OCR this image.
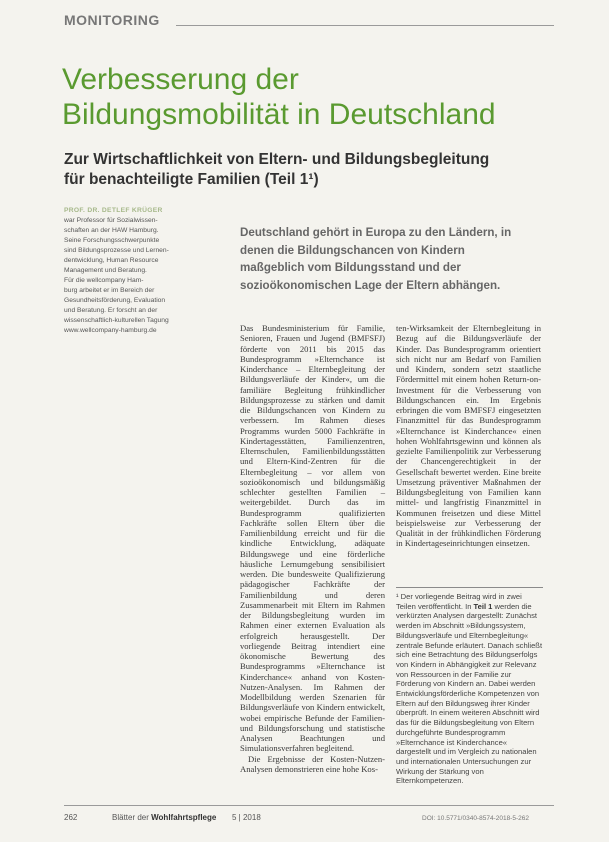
MONITORING
Verbesserung der
Bildungsmobilität in Deutschland
Zur Wirtschaftlichkeit von Eltern- und Bildungsbegleitung
für benachteiligte Familien (Teil 1¹)
PROF. DR. DETLEF KRÜGER
war Professor für Sozialwissen-
schaften an der HAW Hamburg.
Seine Forschungsschwerpunkte
sind Bildungsprozesse und Lernen-
dentwicklung, Human Resource
Management und Beratung.
Für die wellcompany Ham-
burg arbeitet er im Bereich der
Gesundheitsförderung, Evaluation
und Beratung. Er forscht an der
wissenschaftlich-kulturellen Tagung
www.wellcompany-hamburg.de

Deutschland gehört in Europa zu den Ländern, in denen die Bildungschancen von Kindern maßgeblich vom Bildungsstand und der sozioökonomischen Lage der Eltern abhängen.

Das Bundesministerium für Familie, Senioren, Frauen und Jugend (BMFSFJ) förderte von 2011 bis 2015 das Bundesprogramm »Elternchance ist Kinderchance – Elternbegleitung der Bildungsverläufe der Kinder«, um die familiäre Begleitung frühkindlicher Bildungsprozesse zu stärken und damit die Bildungschancen von Kindern zu verbessern. Im Rahmen dieses Programms wurden 5000 Fachkräfte in Kindertagesstätten, Familienzentren, Elternschulen, Familienbildungsstätten und Eltern-Kind-Zentren für die Elternbegleitung – vor allem von sozioökonomisch und bildungsmäßig schlechter gestellten Familien – weitergebildet. Durch das im Bundesprogramm qualifizierten Fachkräfte sollen Eltern über die Familienbildung erreicht und für die kindliche Entwicklung, adäquate Bildungswege und eine förderliche häusliche Lernumgebung sensibilisiert werden. Die bundesweite Qualifizierung pädagogischer Fachkräfte der Familienbildung und deren Zusammenarbeit mit Eltern im Rahmen der Bildungsbegleitung wurden im Rahmen einer externen Evaluation als erfolgreich herausgestellt. Der vorliegende Beitrag intendiert eine ökonomische Bewertung des Bundesprogramms »Elternchance ist Kinderchance« anhand von Kosten-Nutzen-Analysen. Im Rahmen der Modellbildung werden Szenarien für Bildungsverläufe von Kindern entwickelt, wobei empirische Befunde der Familien- und Bildungsforschung und statistische Analysen Beachtungen und Simulationsverfahren begleitend.

Die Ergebnisse der Kosten-Nutzen-Analysen demonstrieren eine hohe Kos-

ten-Wirksamkeit der Elternbegleitung in Bezug auf die Bildungsverläufe der Kinder. Das Bundesprogramm orientiert sich nicht nur am Bedarf von Familien und Kindern, sondern setzt staatliche Fördermittel mit einem hohen Return-on-Investment für die Verbesserung von Bildungschancen ein. Im Ergebnis erbringen die vom BMFSFJ eingesetzten Finanzmittel für das Bundesprogramm »Elternchance ist Kinderchance« einen hohen Wohlfahrtsgewinn und können als gezielte Familienpolitik zur Verbesserung der Chancengerechtigkeit in der Gesellschaft bewertet werden. Eine breite Umsetzung präventiver Maßnahmen der Bildungsbegleitung von Familien kann mittel- und langfristig Finanzmittel in Kommunen freisetzen und diese Mittel beispielsweise zur Verbesserung der Qualität in der frühkindlichen Förderung in Kindertageseinrichtungen einsetzen.

¹ Der vorliegende Beitrag wird in zwei Teilen veröffentlicht. In Teil 1 werden die verkürzten Analysen dargestellt: Zunächst werden im Abschnitt »Bildungssystem, Bildungsverläufe und Elternbegleitung« zentrale Befunde erläutert. Danach schließt sich eine Betrachtung des Bildungserfolgs von Kindern in Abhängigkeit zur Relevanz von Ressourcen in der Familie zur Förderung von Kindern an. Dabei werden Entwicklungsförderliche Kompetenzen von Eltern auf den Bildungsweg ihrer Kinder überprüft. In einem weiteren Abschnitt wird das für die Bildungsbegleitung von Eltern durchgeführte Bundesprogramm »Elternchance ist Kinderchance« dargestellt und im Vergleich zu nationalen und internationalen Untersuchungen zur Wirkung der Stärkung von Elternkompetenzen.
262	Blätter der Wohlfahrtspflege 5 | 2018	DOI: 10.5771/0340-8574-2018-5-262
